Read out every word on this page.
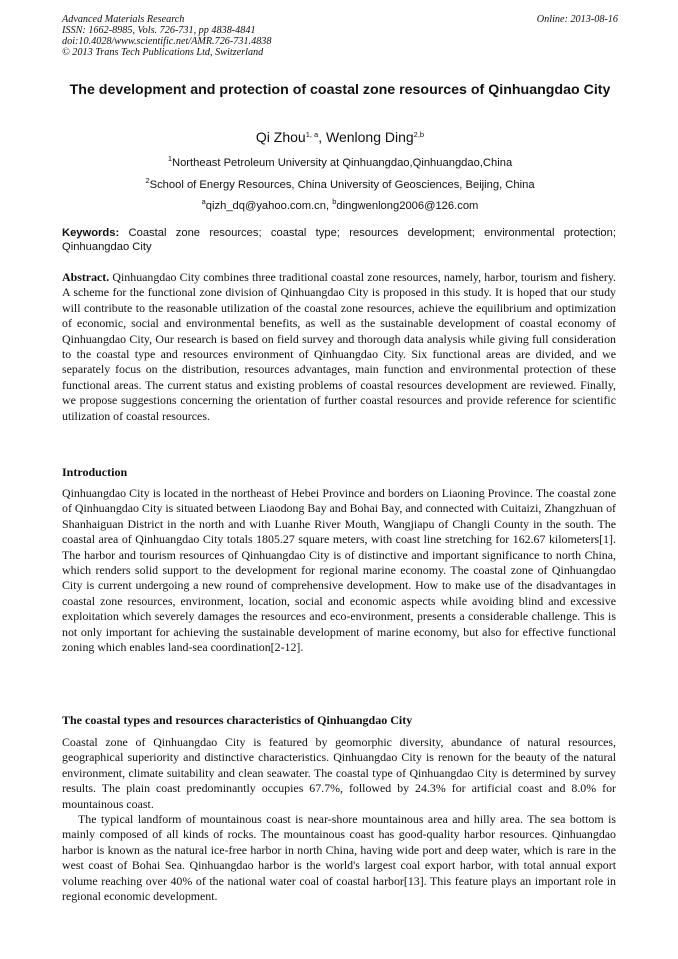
Advanced Materials Research
ISSN: 1662-8985, Vols. 726-731, pp 4838-4841
doi:10.4028/www.scientific.net/AMR.726-731.4838
© 2013 Trans Tech Publications Ltd, Switzerland
Online: 2013-08-16
The development and protection of coastal zone resources of Qinhuangdao City
Qi Zhou$^{1, a}$, Wenlong Ding$^{2,b}$
$^1$Northeast Petroleum University at Qinhuangdao,Qinhuangdao,China
$^2$School of Energy Resources, China University of Geosciences, Beijing, China
$^a$qizh_dq@yahoo.com.cn, $^b$dingwenlong2006@126.com
Keywords: Coastal zone resources; coastal type; resources development; environmental protection; Qinhuangdao City

Abstract. Qinhuangdao City combines three traditional coastal zone resources, namely, harbor, tourism and fishery. A scheme for the functional zone division of Qinhuangdao City is proposed in this study. It is hoped that our study will contribute to the reasonable utilization of the coastal zone resources, achieve the equilibrium and optimization of economic, social and environmental benefits, as well as the sustainable development of coastal economy of Qinhuangdao City, Our research is based on field survey and thorough data analysis while giving full consideration to the coastal type and resources environment of Qinhuangdao City. Six functional areas are divided, and we separately focus on the distribution, resources advantages, main function and environmental protection of these functional areas. The current status and existing problems of coastal resources development are reviewed. Finally, we propose suggestions concerning the orientation of further coastal resources and provide reference for scientific utilization of coastal resources.

Introduction

Qinhuangdao City is located in the northeast of Hebei Province and borders on Liaoning Province. The coastal zone of Qinhuangdao City is situated between Liaodong Bay and Bohai Bay, and connected with Cuitaizi, Zhangzhuan of Shanhaiguan District in the north and with Luanhe River Mouth, Wangjiapu of Changli County in the south. The coastal area of Qinhuangdao City totals 1805.27 square meters, with coast line stretching for 162.67 kilometers[1]. The harbor and tourism resources of Qinhuangdao City is of distinctive and important significance to north China, which renders solid support to the development for regional marine economy. The coastal zone of Qinhuangdao City is current undergoing a new round of comprehensive development. How to make use of the disadvantages in coastal zone resources, environment, location, social and economic aspects while avoiding blind and excessive exploitation which severely damages the resources and eco-environment, presents a considerable challenge. This is not only important for achieving the sustainable development of marine economy, but also for effective functional zoning which enables land-sea coordination[2-12].

The coastal types and resources characteristics of Qinhuangdao City

Coastal zone of Qinhuangdao City is featured by geomorphic diversity, abundance of natural resources, geographical superiority and distinctive characteristics. Qinhuangdao City is renown for the beauty of the natural environment, climate suitability and clean seawater. The coastal type of Qinhuangdao City is determined by survey results. The plain coast predominantly occupies 67.7%, followed by 24.3% for artificial coast and 8.0% for mountainous coast.

The typical landform of mountainous coast is near-shore mountainous area and hilly area. The sea bottom is mainly composed of all kinds of rocks. The mountainous coast has good-quality harbor resources. Qinhuangdao harbor is known as the natural ice-free harbor in north China, having wide port and deep water, which is rare in the west coast of Bohai Sea. Qinhuangdao harbor is the world's largest coal export harbor, with total annual export volume reaching over 40% of the national water coal of coastal harbor[13]. This feature plays an important role in regional economic development.
